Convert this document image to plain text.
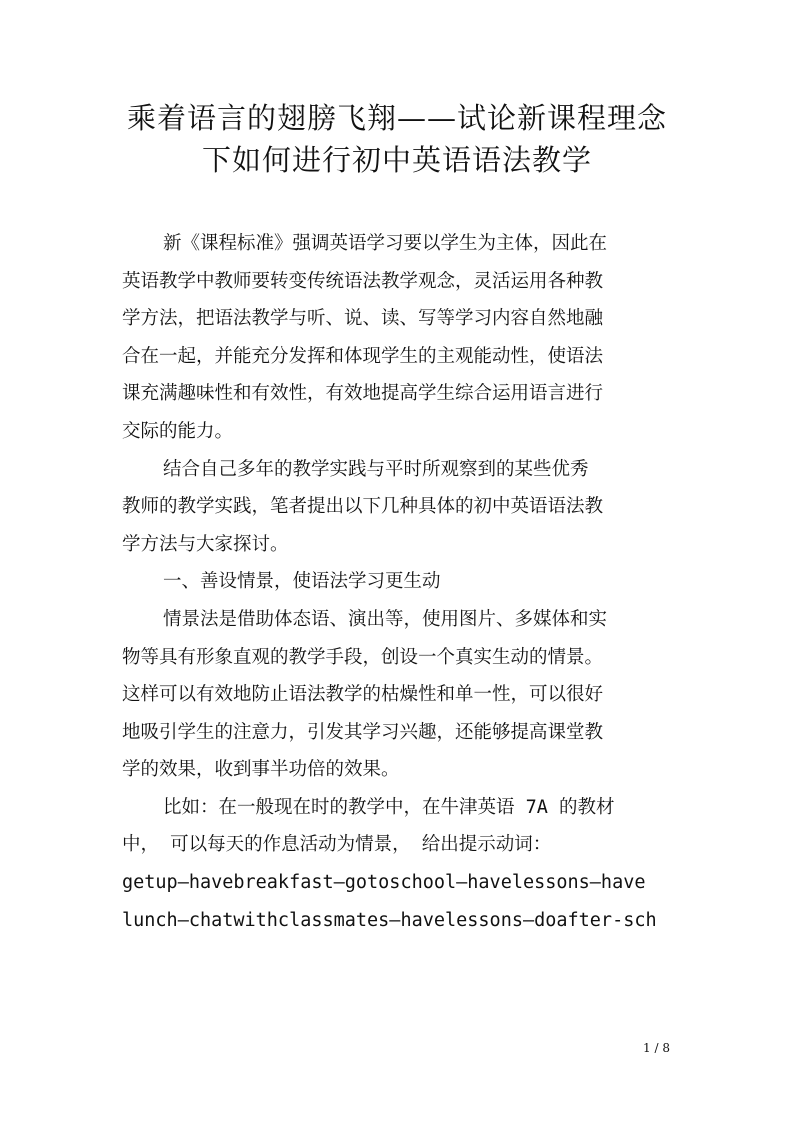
乘着语言的翅膀飞翔——试论新课程理念
下如何进行初中英语语法教学
新《课程标准》强调英语学习要以学生为主体，因此在
英语教学中教师要转变传统语法教学观念，灵活运用各种教
学方法，把语法教学与听、说、读、写等学习内容自然地融
合在一起，并能充分发挥和体现学生的主观能动性，使语法
课充满趣味性和有效性，有效地提高学生综合运用语言进行
交际的能力。
结合自己多年的教学实践与平时所观察到的某些优秀
教师的教学实践，笔者提出以下几种具体的初中英语语法教
学方法与大家探讨。
一、善设情景，使语法学习更生动
情景法是借助体态语、演出等，使用图片、多媒体和实
物等具有形象直观的教学手段，创设一个真实生动的情景。
这样可以有效地防止语法教学的枯燥性和单一性，可以很好
地吸引学生的注意力，引发其学习兴趣，还能够提高课堂教
学的效果，收到事半功倍的效果。
比如：在一般现在时的教学中，在牛津英语 7A 的教材
中， 可以每天的作息活动为情景， 给出提示动词：
getup—havebreakfast—gotoschool—havelessons—have
lunch—chatwithclassmates—havelessons—doafter-sch
1 / 8
